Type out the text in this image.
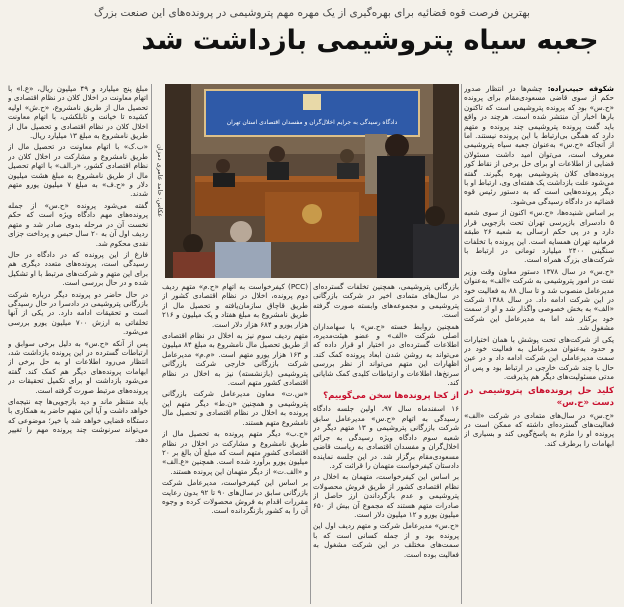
بهترین فرصت قوه قضائیه برای بهره‌گیری از یک مهره مهم پتروشیمی در پرونده‌های این صنعت بزرگ
جعبه سیاه پتروشیمی بازداشت شد

شکوفه حبیب‌زاده: چشم‌ها در انتظار صدور حکم از سوی قاضی مسعودی‌مقام برای پرونده «ح.س» بود که پرونده پتروشیمی است که تاکنون بارها اخبار آن منتشر شده است. هرچند در واقع باید گفت پرونده پتروشیمی چند پرونده و متهم دارد که همگی بی‌ارتباط با این پرونده نیستند. اما از آنجاکه «ح.س» به‌عنوان جعبه سیاه پتروشیمی معروف است، می‌توان امید داشت مسئولان قضایی از اطلاعات او برای حل برخی از نقاط کور پرونده‌های کلان پتروشیمی بهره بگیرند. گفته می‌شود علت بازداشت یک هفته‌ای وی، ارتباط او با دیگر پرونده‌هایی است که به دستور رئیس قوه قضائیه در دادگاه رسیدگی می‌شود.

بر اساس شنیده‌ها، «ح.س» اکنون از سوی شعبه ۵ دادسرای بازپرسی تهران تحت بازجویی قرار دارد و در پی حکم ارسالی به شعبه ۲۶ طبقه فرمانیه تهران همسایه است. این پرونده با تخلفات سنگینی ۲۴۰۰ میلیارد تومانی در ارتباط با شرکت‌های بزرگ همراه است.

«ح.س» در سال ۱۳۷۸ دستور معاون وقت وزیر نفت در امور پتروشیمی به شرکت «الف» به‌عنوان مدیرعامل منصوب شد و تا سال ۸۸ به فعالیت خود در این شرکت ادامه داد. در سال ۱۳۸۸ شرکت «الف» به بخش خصوصی واگذار شد و او از سمت خود برکنار شد اما به مدیرعامل این شرکت مشغول شد.

یکی از شرکت‌های تحت پوشش با همان اختیارات و حدود به‌عنوان مدیرعامل به فعالیت خود در سمت مدیرعاملی این شرکت ادامه داد و در عین حال با چند شرکت خارجی در ارتباط بود و پس از مدتی مسئولیت‌های دیگر هم پذیرفت.

کلید حل پرونده‌های پتروشیمی در دست «ح.س»

«ح.س» در سال‌های متمادی در شرکت «الف» فعالیت‌های گسترده‌ای داشته که ممکن است در پرونده او را ملزم به پاسخ‌گویی کند و بسیاری از ابهامات را برطرف کند.

دادگاه رسیدگی به جرایم اخلال‌گران و مفسدان اقتصادی استان تهران
عکاس: حامد عامری دمزان

بازرگانی پتروشیمی، همچنین تخلفات گسترده‌ای در سال‌های متمادی اخیر در شرکت بازرگانی پتروشیمی و مجموعه‌های وابسته صورت گرفته است.

همچنین روابط خسته «ح.س» با سهامداران اصلی شرکت «الف» و عضو هیئت‌مدیره، اطلاعات گسترده‌ای در اختیار او قرار داده که می‌تواند به روشن شدن ابعاد پرونده کمک کند. اظهارات این متهم می‌تواند از نظر بررسی سرنخ‌ها، اطلاعات و ارتباطات کلیدی کمک شایانی کند.

از کجا پرونده‌ها سخن می‌گوییم؟

۱۶ اسفندماه سال ۹۷، اولین جلسه دادگاه رسیدگی به اتهام «ح.س» مدیرعامل سابق شرکت بازرگانی پتروشیمی و ۱۳ متهم دیگر در شعبه سوم دادگاه ویژه رسیدگی به جرائم اخلال‌گران و مفسدان اقتصادی به ریاست قاضی مسعودی‌مقام برگزار شد. در این جلسه نماینده دادستان کیفرخواست متهمان را قرائت کرد.

بر اساس این کیفرخواست، متهمان به اخلال در نظام اقتصادی کشور از طریق فروش محصولات پتروشیمی و عدم بازگرداندن ارز حاصل از صادرات متهم هستند که مجموع آن بیش از ۶۵۰ میلیون یورو و ۱۲ میلیون دلار است.

«ح.س» مدیرعامل شرکت و متهم ردیف اول این پرونده بود و از جمله کسانی است که با سمت‌های مختلف در این شرکت مشغول به فعالیت بوده است.

(PCC) کیفرخواست به اتهام «ح.م» متهم ردیف دوم پرونده، اخلال در نظام اقتصادی کشور از طریق قاچاق سازمان‌یافته و تحصیل مال از طریق نامشروع به مبلغ هفتاد و یک میلیون و ۲۱۶ هزار یورو و ۶۸۴ هزار دلار است.

متهم ردیف سوم نیز به اخلال در نظام اقتصادی از طریق تحصیل مال نامشروع به مبلغ ۸۴ میلیون و ۱۶۳ هزار یورو متهم است. «م.م» مدیرعامل شرکت بازرگانی خارجی شرکت بازرگانی پتروشیمی (بازنشسته) نیز به اخلال در نظام اقتصادی کشور متهم است.

«س.ت» معاون مدیرعامل شرکت بازرگانی پتروشیمی و همچنین «ن.ط» دیگر متهم این پرونده به اخلال در نظام اقتصادی و تحصیل مال نامشروع متهم هستند.

«ح.ب» دیگر متهم پرونده به تحصیل مال از طریق نامشروع و مشارکت در اخلال در نظام اقتصادی کشور متهم است که مبلغ آن بالغ بر ۲۰ میلیون یورو برآورد شده است. همچنین «ع.الف» و «الف.ت» از دیگر متهمان این پرونده هستند.

بر اساس این کیفرخواست، مدیرعامل شرکت بازرگانی سابق در سال‌های ۹۰ تا ۹۲ بدون رعایت مقررات اقدام به فروش محصولات کرده و وجوه آن را به کشور بازنگردانده است.

مبلغ پنج میلیارد و ۴۹ میلیون ریال، «ع.ا» با اتهام معاونت در اخلال کلان در نظام اقتصادی و تحصیل مال از طریق نامشروع، «ح.ش» اولیه کشیده تا خیانت و تابلکشی، با اتهام معاونت اخلال کلان در نظام اقتصادی و تحصیل مال از طریق نامشروع به مبلغ ۱۳ میلیارد ریال.

«ب.ک» با اتهام معاونت در تحصیل مال از طریق نامشروع و مشارکت در اخلال کلان در نظام اقتصادی کشور، «ر.الف» با اتهام تحصیل مال از طریق نامشروع به مبلغ هشت میلیون دلار و «ح.ف» به مبلغ ۷ میلیون یورو متهم شدند.

گفته می‌شود پرونده «ح.س» از جمله پرونده‌های مهم دادگاه ویژه است که حکم نخست آن در مرحله بدوی صادر شد و متهم ردیف اول آن به ۲۰ سال حبس و پرداخت جزای نقدی محکوم شد.

فارغ از این پرونده که در دادگاه در حال رسیدگی است، پرونده‌های متعدد دیگری هم برای این متهم و شرکت‌های مرتبط با او تشکیل شده و در حال بررسی است.

در حال حاضر دو پرونده دیگر درباره شرکت بازرگانی پتروشیمی در دادسرا در حال رسیدگی است و تحقیقات ادامه دارد. در یکی از آنها تخلفاتی به ارزش ۷۰۰ میلیون یورو بررسی می‌شود.

پس از آنکه «ح.س» به دلیل برخی سوابق و ارتباطات گسترده در این پرونده بازداشت شد، انتظار می‌رود اطلاعات او به حل برخی از ابهامات پرونده‌های دیگر هم کمک کند. گفته می‌شود بازداشت او برای تکمیل تحقیقات در پرونده‌های مرتبط صورت گرفته است.

باید منتظر ماند و دید بازجویی‌ها چه نتیجه‌ای خواهد داشت و آیا این متهم حاضر به همکاری با دستگاه قضایی خواهد شد یا خیر؛ موضوعی که می‌تواند سرنوشت چند پرونده مهم را تغییر دهد.
